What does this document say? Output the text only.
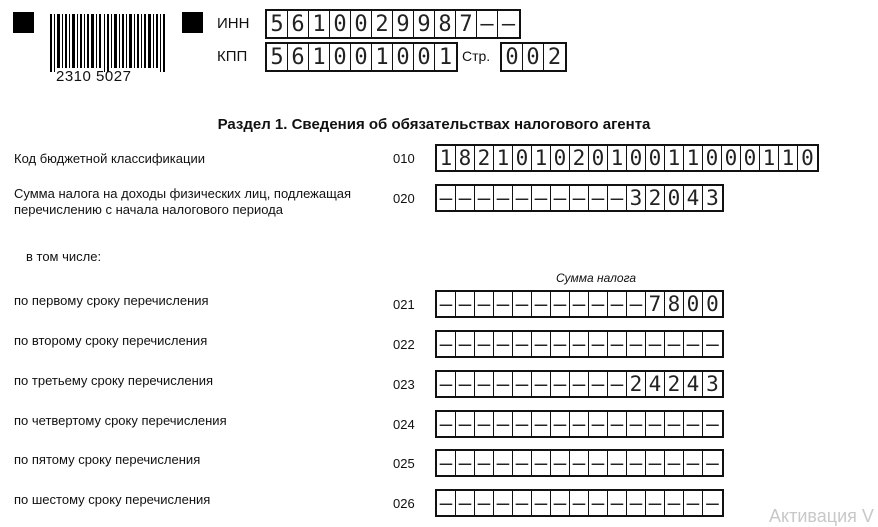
2310 5027
ИНН 5 6 1 0 0 2 9 9 8 7 – –
КПП 5 6 1 0 0 1 0 0 1 Стр. 0 0 2
Раздел 1. Сведения об обязательствах налогового агента
Код бюджетной классификации	010 1 8 2 1 0 1 0 2 0 1 0 0 1 1 0 0 0 1 1 0
Сумма налога на доходы физических лиц, подлежащая
перечислению с начала налогового периода
020 – – – – – – – – – – 3 2 0 4 3
в том числе:
Сумма налога
по первому сроку перечисления	021 – – – – – – – – – – – 7 8 0 0
по второму сроку перечисления	022 – – – – – – – – – – – – – – –
по третьему сроку перечисления	023 – – – – – – – – – – 2 4 2 4 3
по четвертому сроку перечисления	024 – – – – – – – – – – – – – – –
по пятому сроку перечисления	025 – – – – – – – – – – – – – – –
по шестому сроку перечисления	026 – – – – – – – – – – – – – – –
Активация V
